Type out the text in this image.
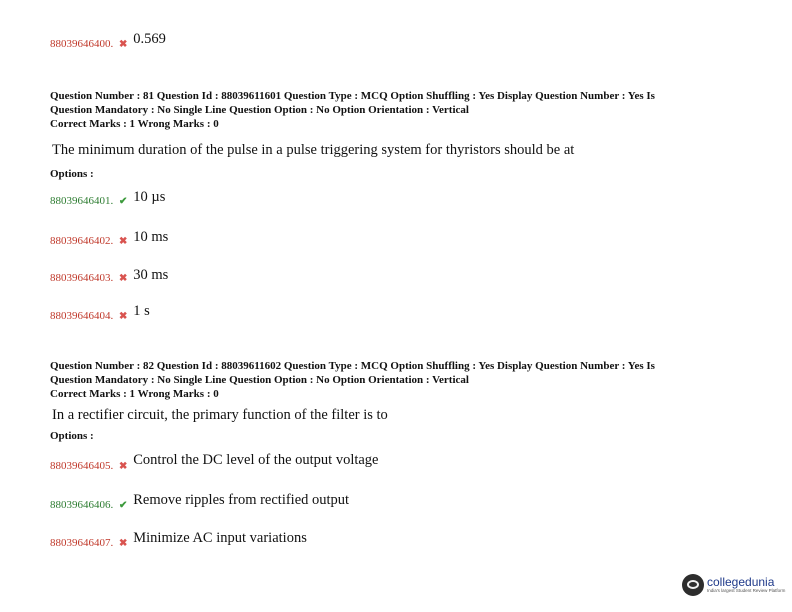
88039646400. ✖ 0.569
Question Number : 81 Question Id : 88039611601 Question Type : MCQ Option Shuffling : Yes Display Question Number : Yes Is
Question Mandatory : No Single Line Question Option : No Option Orientation : Vertical
Correct Marks : 1 Wrong Marks : 0
The minimum duration of the pulse in a pulse triggering system for thyristors should be at
Options :
88039646401. ✔ 10 µs
88039646402. ✖ 10 ms
88039646403. ✖ 30 ms
88039646404. ✖ 1 s
Question Number : 82 Question Id : 88039611602 Question Type : MCQ Option Shuffling : Yes Display Question Number : Yes Is
Question Mandatory : No Single Line Question Option : No Option Orientation : Vertical
Correct Marks : 1 Wrong Marks : 0
In a rectifier circuit, the primary function of the filter is to
Options :
88039646405. ✖ Control the DC level of the output voltage
88039646406. ✔ Remove ripples from rectified output
88039646407. ✖ Minimize AC input variations
collegedunia
India's largest Student Review Platform
